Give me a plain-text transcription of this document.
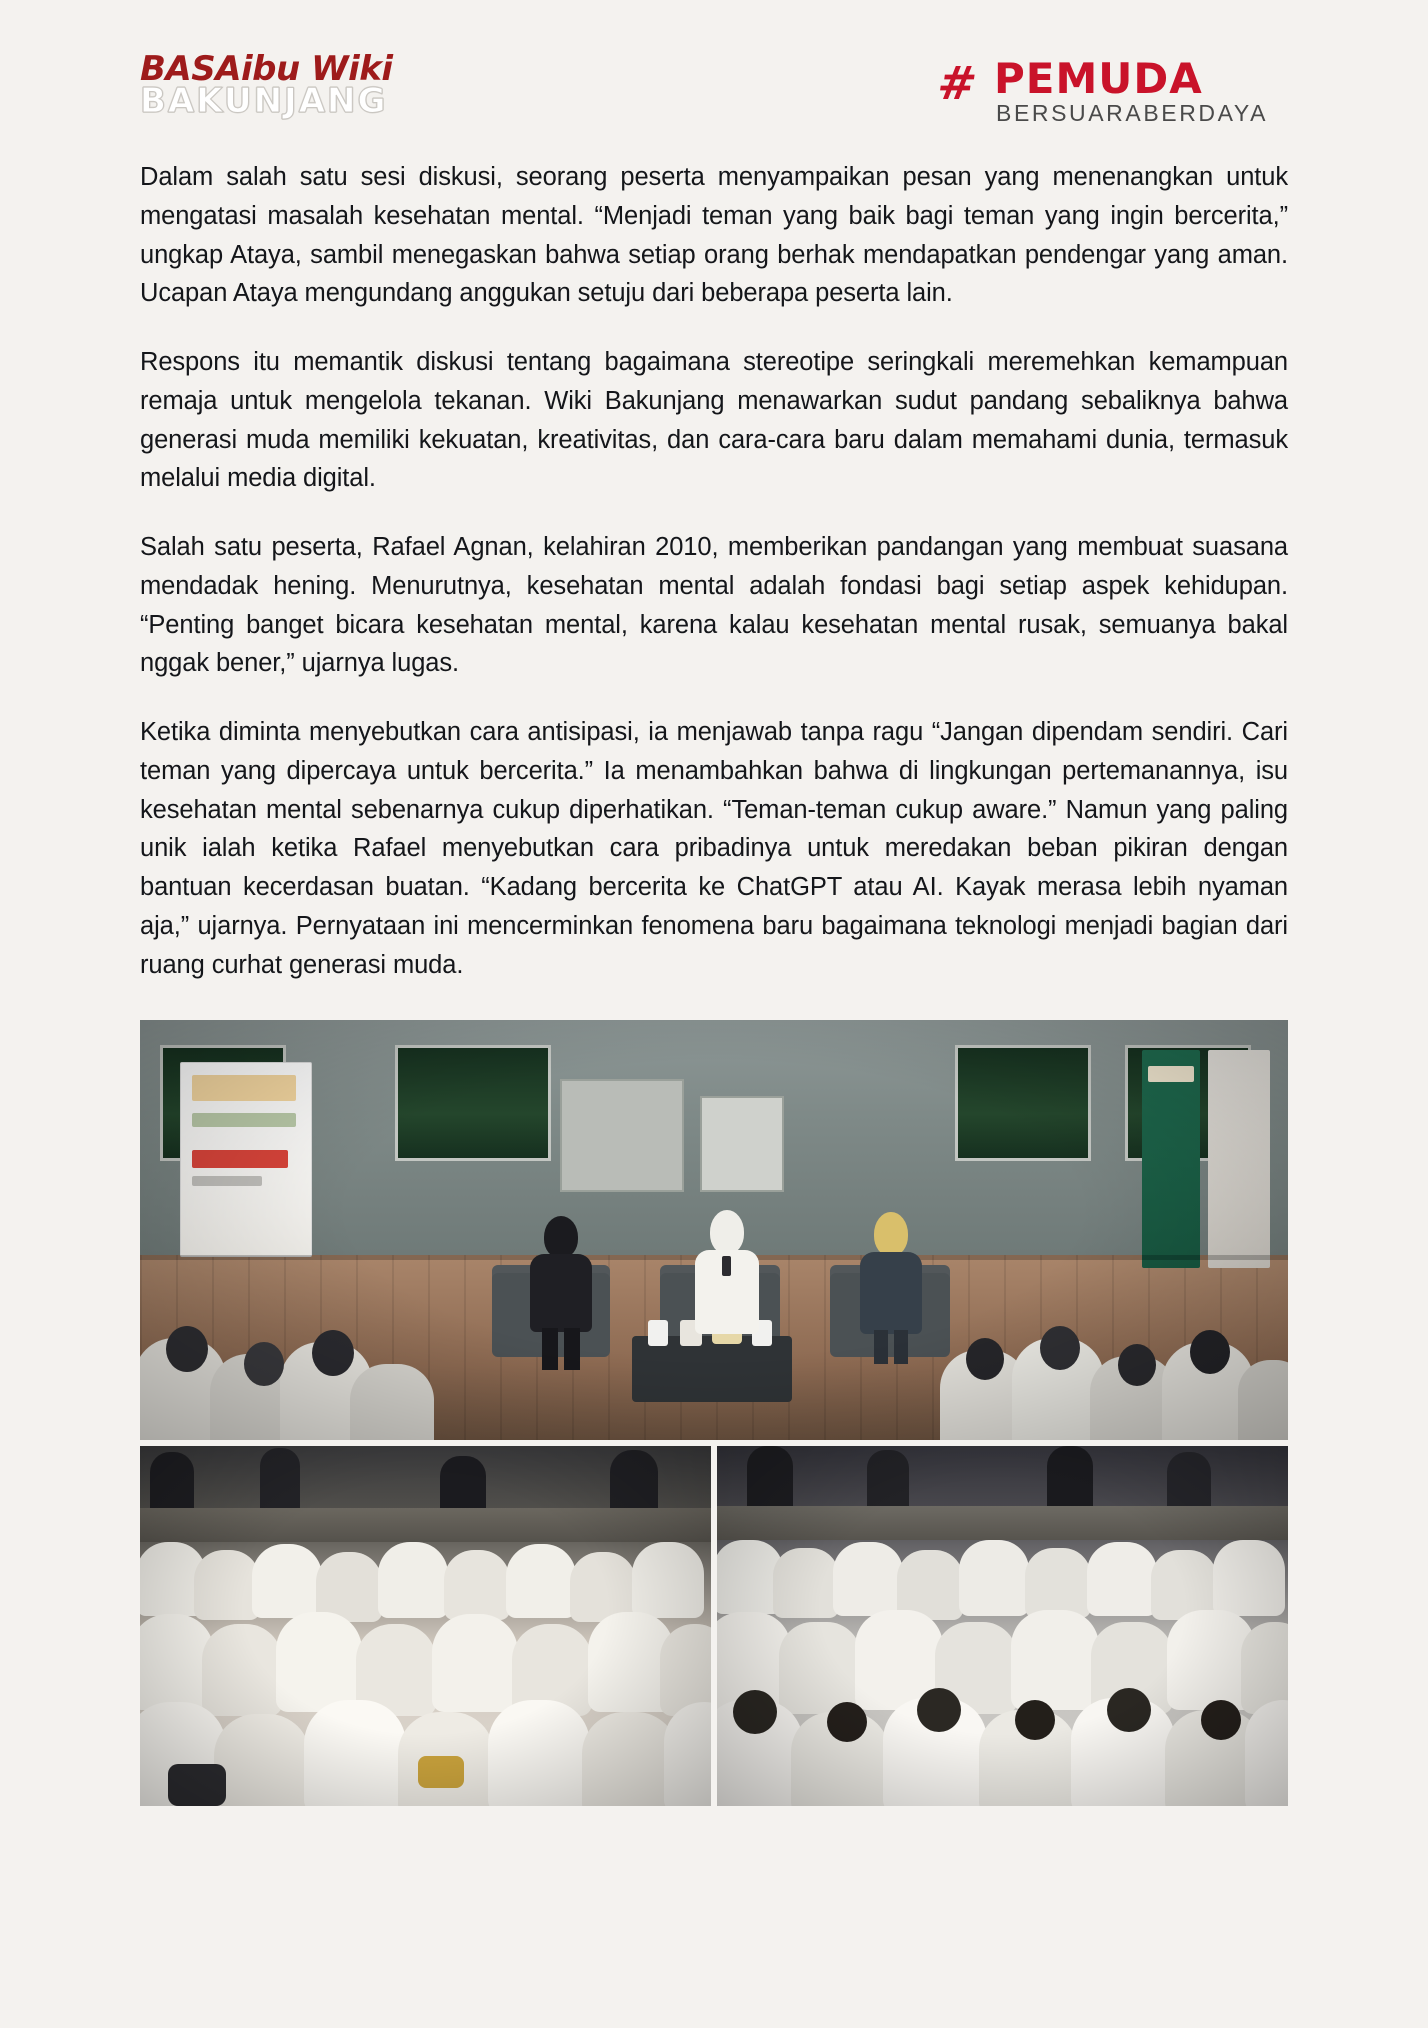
BASAibu Wiki
BAKUNJANG	# PEMUDA
BERSUARABERDAYA

Dalam salah satu sesi diskusi, seorang peserta menyampaikan pesan yang menenangkan untuk mengatasi masalah kesehatan mental. “Menjadi teman yang baik bagi teman yang ingin bercerita,” ungkap Ataya, sambil menegaskan bahwa setiap orang berhak mendapatkan pendengar yang aman. Ucapan Ataya mengundang anggukan setuju dari beberapa peserta lain.

Respons itu memantik diskusi tentang bagaimana stereotipe seringkali meremehkan kemampuan remaja untuk mengelola tekanan. Wiki Bakunjang menawarkan sudut pandang sebaliknya bahwa generasi muda memiliki kekuatan, kreativitas, dan cara-cara baru dalam memahami dunia, termasuk melalui media digital.

Salah satu peserta, Rafael Agnan, kelahiran 2010, memberikan pandangan yang membuat suasana mendadak hening. Menurutnya, kesehatan mental adalah fondasi bagi setiap aspek kehidupan. “Penting banget bicara kesehatan mental, karena kalau kesehatan mental rusak, semuanya bakal nggak bener,” ujarnya lugas.

Ketika diminta menyebutkan cara antisipasi, ia menjawab tanpa ragu “Jangan dipendam sendiri. Cari teman yang dipercaya untuk bercerita.” Ia menambahkan bahwa di lingkungan pertemanannya, isu kesehatan mental sebenarnya cukup diperhatikan. “Teman-teman cukup aware.” Namun yang paling unik ialah ketika Rafael menyebutkan cara pribadinya untuk meredakan beban pikiran dengan bantuan kecerdasan buatan. “Kadang bercerita ke ChatGPT atau AI. Kayak merasa lebih nyaman aja,” ujarnya. Pernyataan ini mencerminkan fenomena baru bagaimana teknologi menjadi bagian dari ruang curhat generasi muda.
